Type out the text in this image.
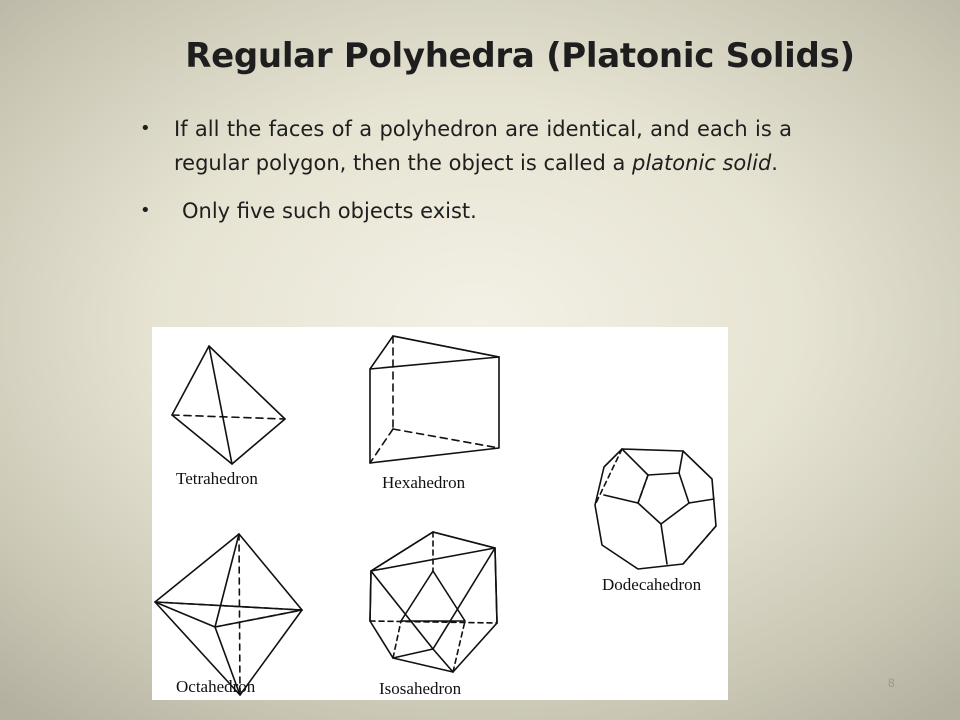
Regular Polyhedra (Platonic Solids)
• If all the faces of a polyhedron are identical, and each is a regular polygon, then the object is called a platonic solid.
• Only five such objects exist.
Tetrahedron	Hexahedron
Dodecahedron
Octahedron	Isosahedron	8
